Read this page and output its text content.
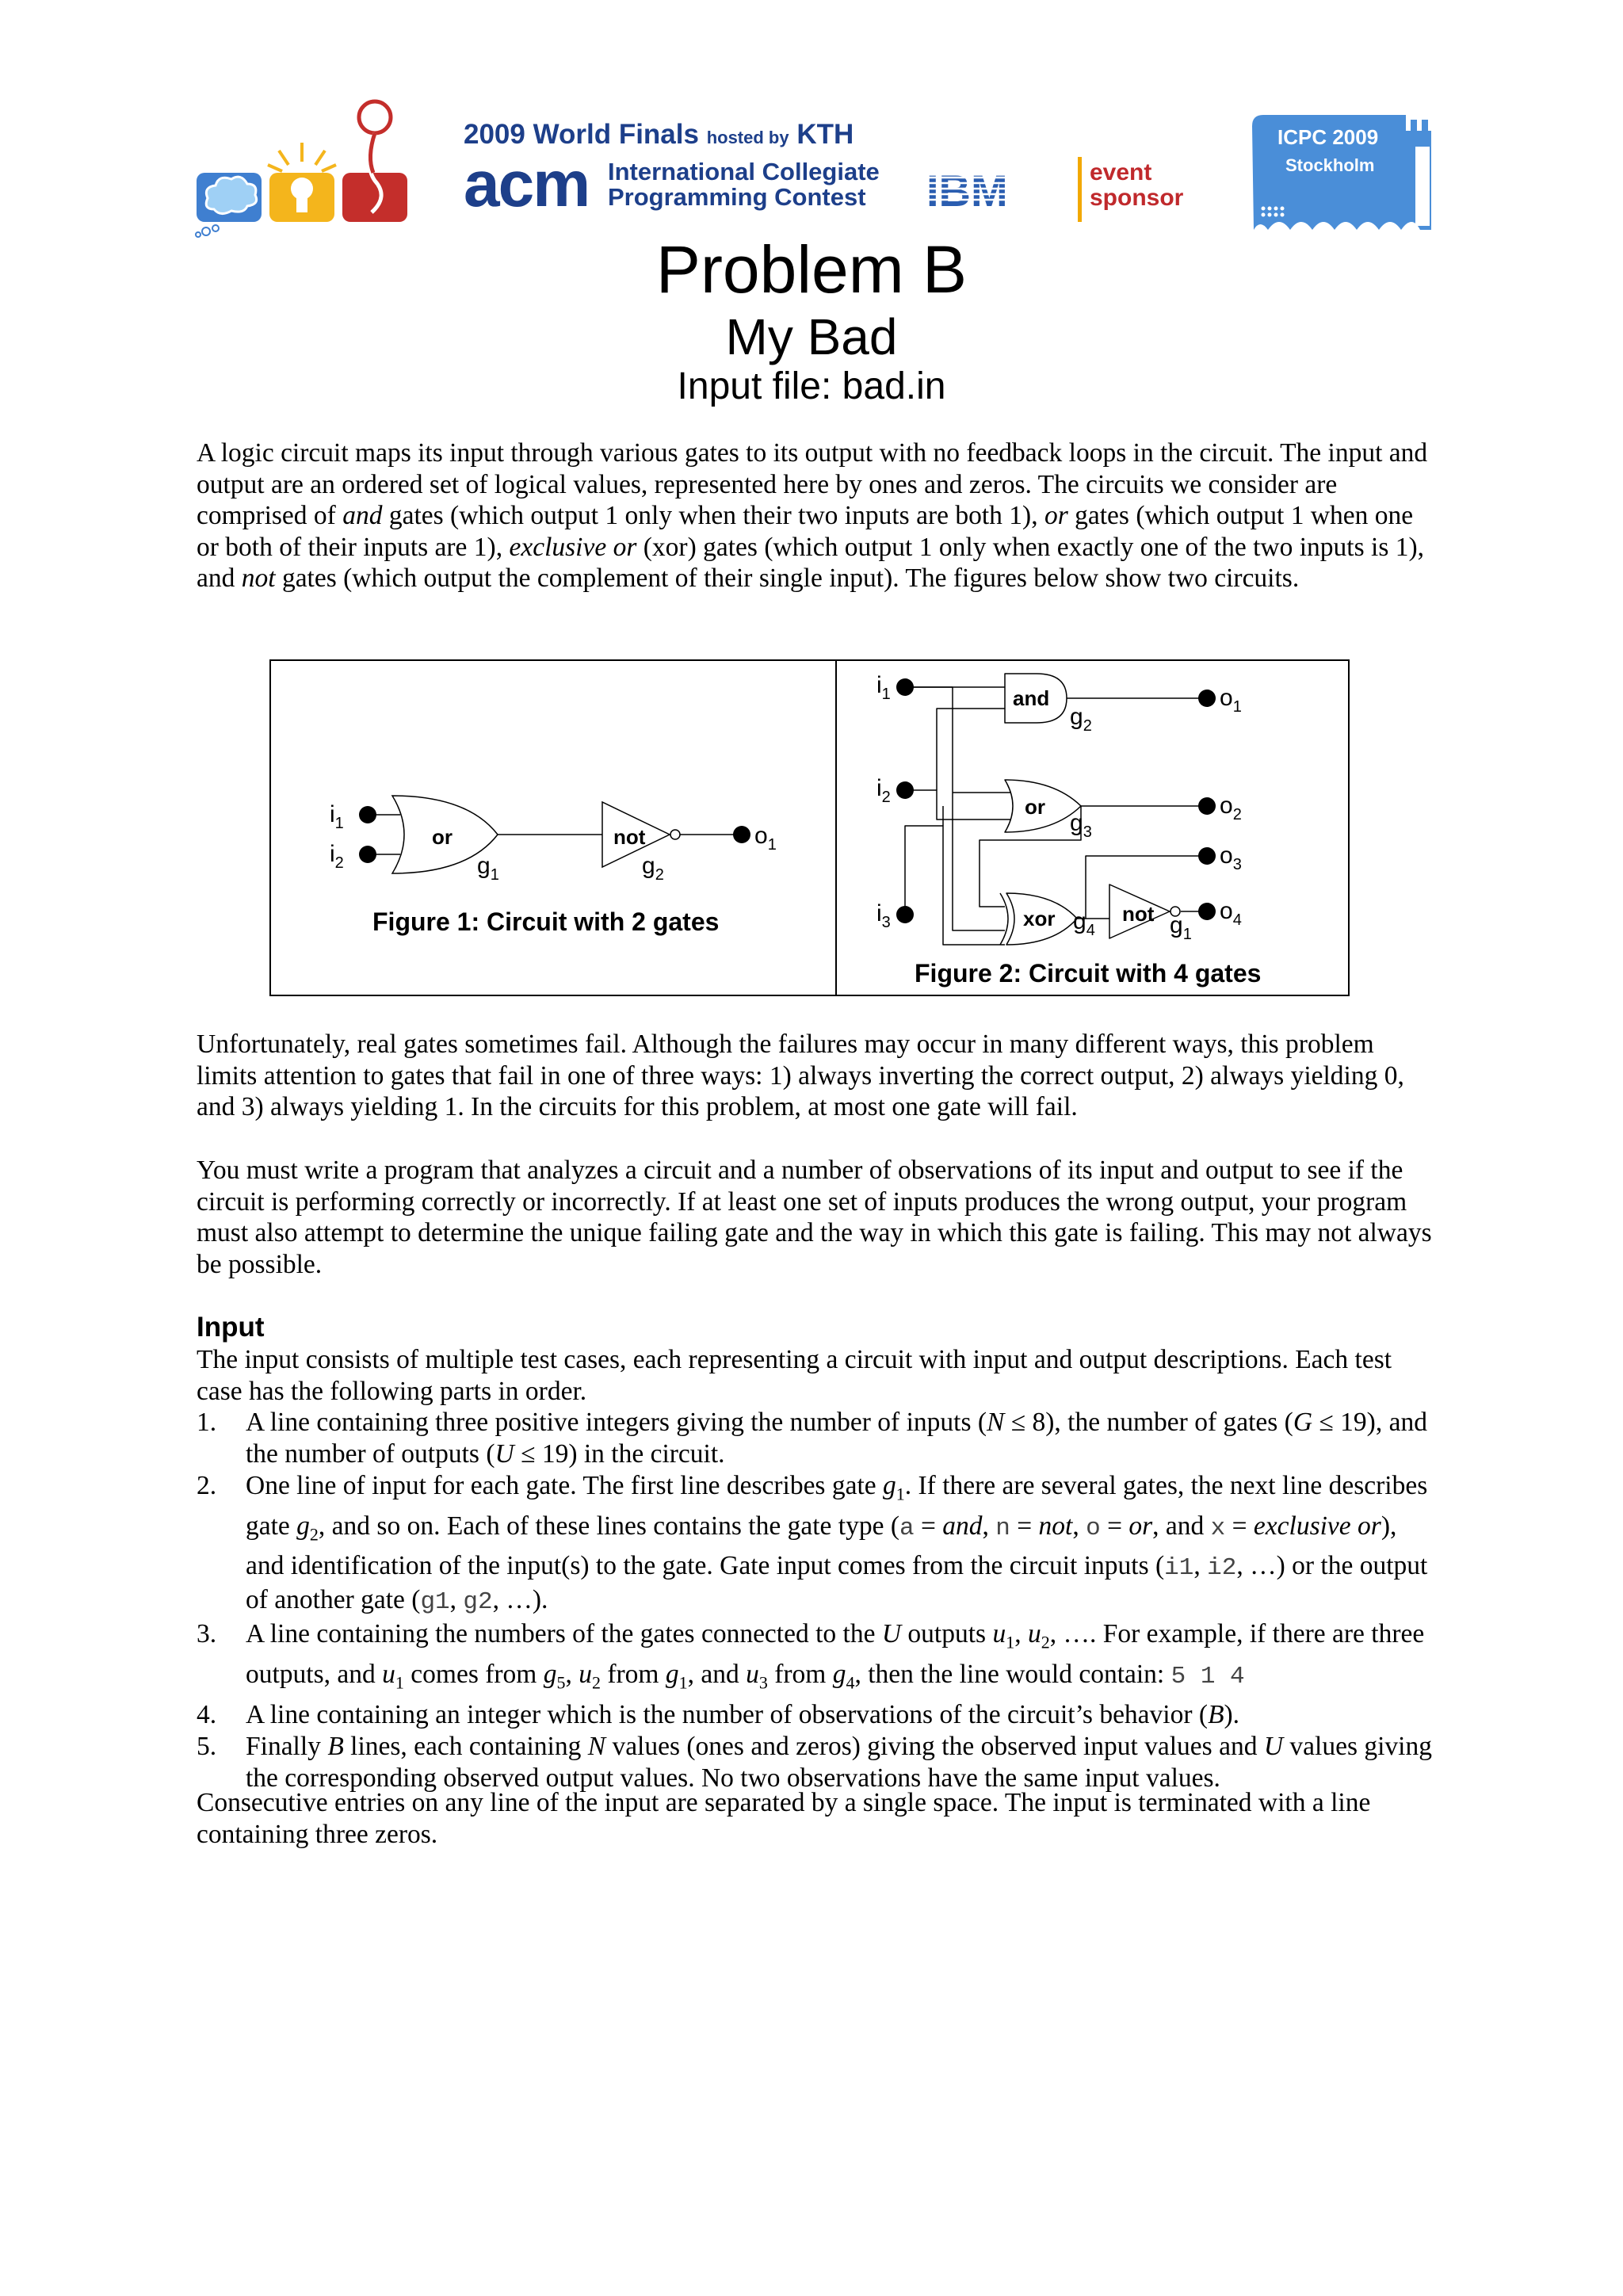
2009 World Finals hosted by KTH
acm International Collegiate
Programming Contest IBM	event
sponsor
ICPC 2009
Stockholm
Problem B
My Bad
Input file: bad.in

A logic circuit maps its input through various gates to its output with no feedback loops in the circuit. The input and output are an ordered set of logical values, represented here by ones and zeros. The circuits we consider are comprised of and gates (which output 1 only when their two inputs are both 1), or gates (which output 1 when one or both of their inputs are 1), exclusive or (xor) gates (which output 1 only when exactly one of the two inputs is 1), and not gates (which output the complement of their single input). The figures below show two circuits.

$i_1$
$i_2$
or
$g_1$
not
$g_2$
$o_1$
Figure 1: Circuit with 2 gates
$i_1$
$i_2$
$i_3$
and
$g_2$
or
$g_3$
xor $g_4$
not $g_1$
$o_1$
$o_2$
$o_3$
$o_4$
Figure 2: Circuit with 4 gates

Unfortunately, real gates sometimes fail. Although the failures may occur in many different ways, this problem limits attention to gates that fail in one of three ways: 1) always inverting the correct output, 2) always yielding 0, and 3) always yielding 1. In the circuits for this problem, at most one gate will fail.

You must write a program that analyzes a circuit and a number of observations of its input and output to see if the circuit is performing correctly or incorrectly. If at least one set of inputs produces the wrong output, your program must also attempt to determine the unique failing gate and the way in which this gate is failing. This may not always be possible.

Input

The input consists of multiple test cases, each representing a circuit with input and output descriptions. Each test case has the following parts in order.

1. A line containing three positive integers giving the number of inputs (N ≤ 8), the number of gates (G ≤ 19), and the number of outputs (U ≤ 19) in the circuit.
2. One line of input for each gate. The first line describes gate $g_1$. If there are several gates, the next line describes gate $g_2$, and so on. Each of these lines contains the gate type (a = and, n = not, o = or, and x = exclusive or), and identification of the input(s) to the gate. Gate input comes from the circuit inputs (i1, i2, …) or the output of another gate (g1, g2, …).
3. A line containing the numbers of the gates connected to the U outputs $u_1$, $u_2$, …. For example, if there are three outputs, and $u_1$ comes from $g_5$, $u_2$ from $g_1$, and $u_3$ from $g_4$, then the line would contain: 5 1 4
4. A line containing an integer which is the number of observations of the circuit’s behavior (B).
5. Finally B lines, each containing N values (ones and zeros) giving the observed input values and U values giving the corresponding observed output values. No two observations have the same input values.

Consecutive entries on any line of the input are separated by a single space. The input is terminated with a line containing three zeros.
